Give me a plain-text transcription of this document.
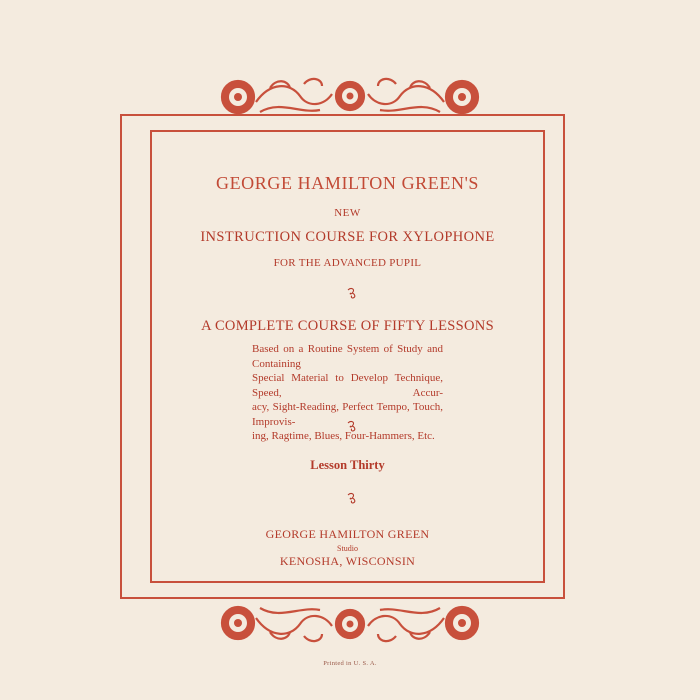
GEORGE HAMILTON GREEN'S
NEW
INSTRUCTION COURSE FOR XYLOPHONE
FOR THE ADVANCED PUPIL
A COMPLETE COURSE OF FIFTY LESSONS
Based on a Routine System of Study and Containing
Special Material to Develop Technique, Speed, Accur-
acy, Sight-Reading, Perfect Tempo, Touch, Improvis-
ing, Ragtime, Blues, Four-Hammers, Etc.
Lesson Thirty
GEORGE HAMILTON GREEN
Studio
KENOSHA, WISCONSIN
Printed in U. S. A.
